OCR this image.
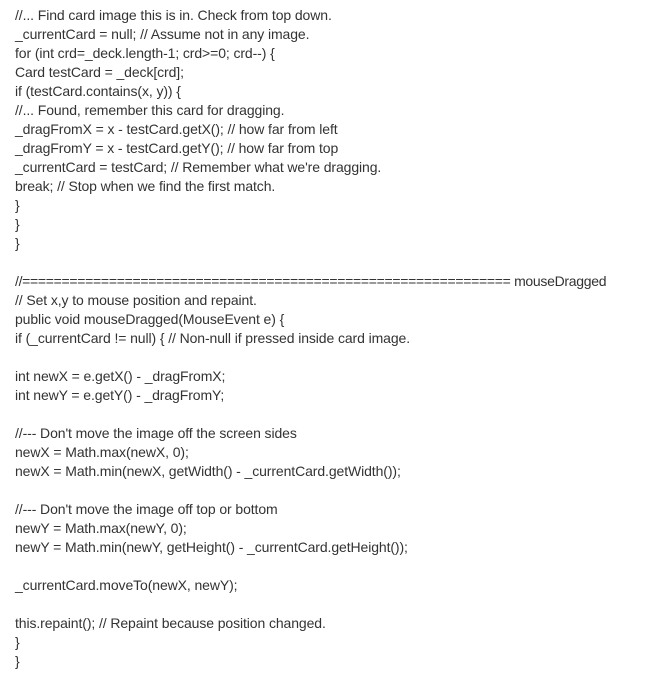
//... Find card image this is in. Check from top down.
_currentCard = null; // Assume not in any image.
for (int crd=_deck.length-1; crd>=0; crd--) {
Card testCard = _deck[crd];
if (testCard.contains(x, y)) {
//... Found, remember this card for dragging.
_dragFromX = x - testCard.getX(); // how far from left
_dragFromY = x - testCard.getY(); // how far from top
_currentCard = testCard; // Remember what we're dragging.
break; // Stop when we find the first match.
}
}
}
//============================================================== mouseDragged
// Set x,y to mouse position and repaint.
public void mouseDragged(MouseEvent e) {
if (_currentCard != null) { // Non-null if pressed inside card image.
int newX = e.getX() - _dragFromX;
int newY = e.getY() - _dragFromY;
//--- Don't move the image off the screen sides
newX = Math.max(newX, 0);
newX = Math.min(newX, getWidth() - _currentCard.getWidth());
//--- Don't move the image off top or bottom
newY = Math.max(newY, 0);
newY = Math.min(newY, getHeight() - _currentCard.getHeight());
_currentCard.moveTo(newX, newY);
this.repaint(); // Repaint because position changed.
}
}
